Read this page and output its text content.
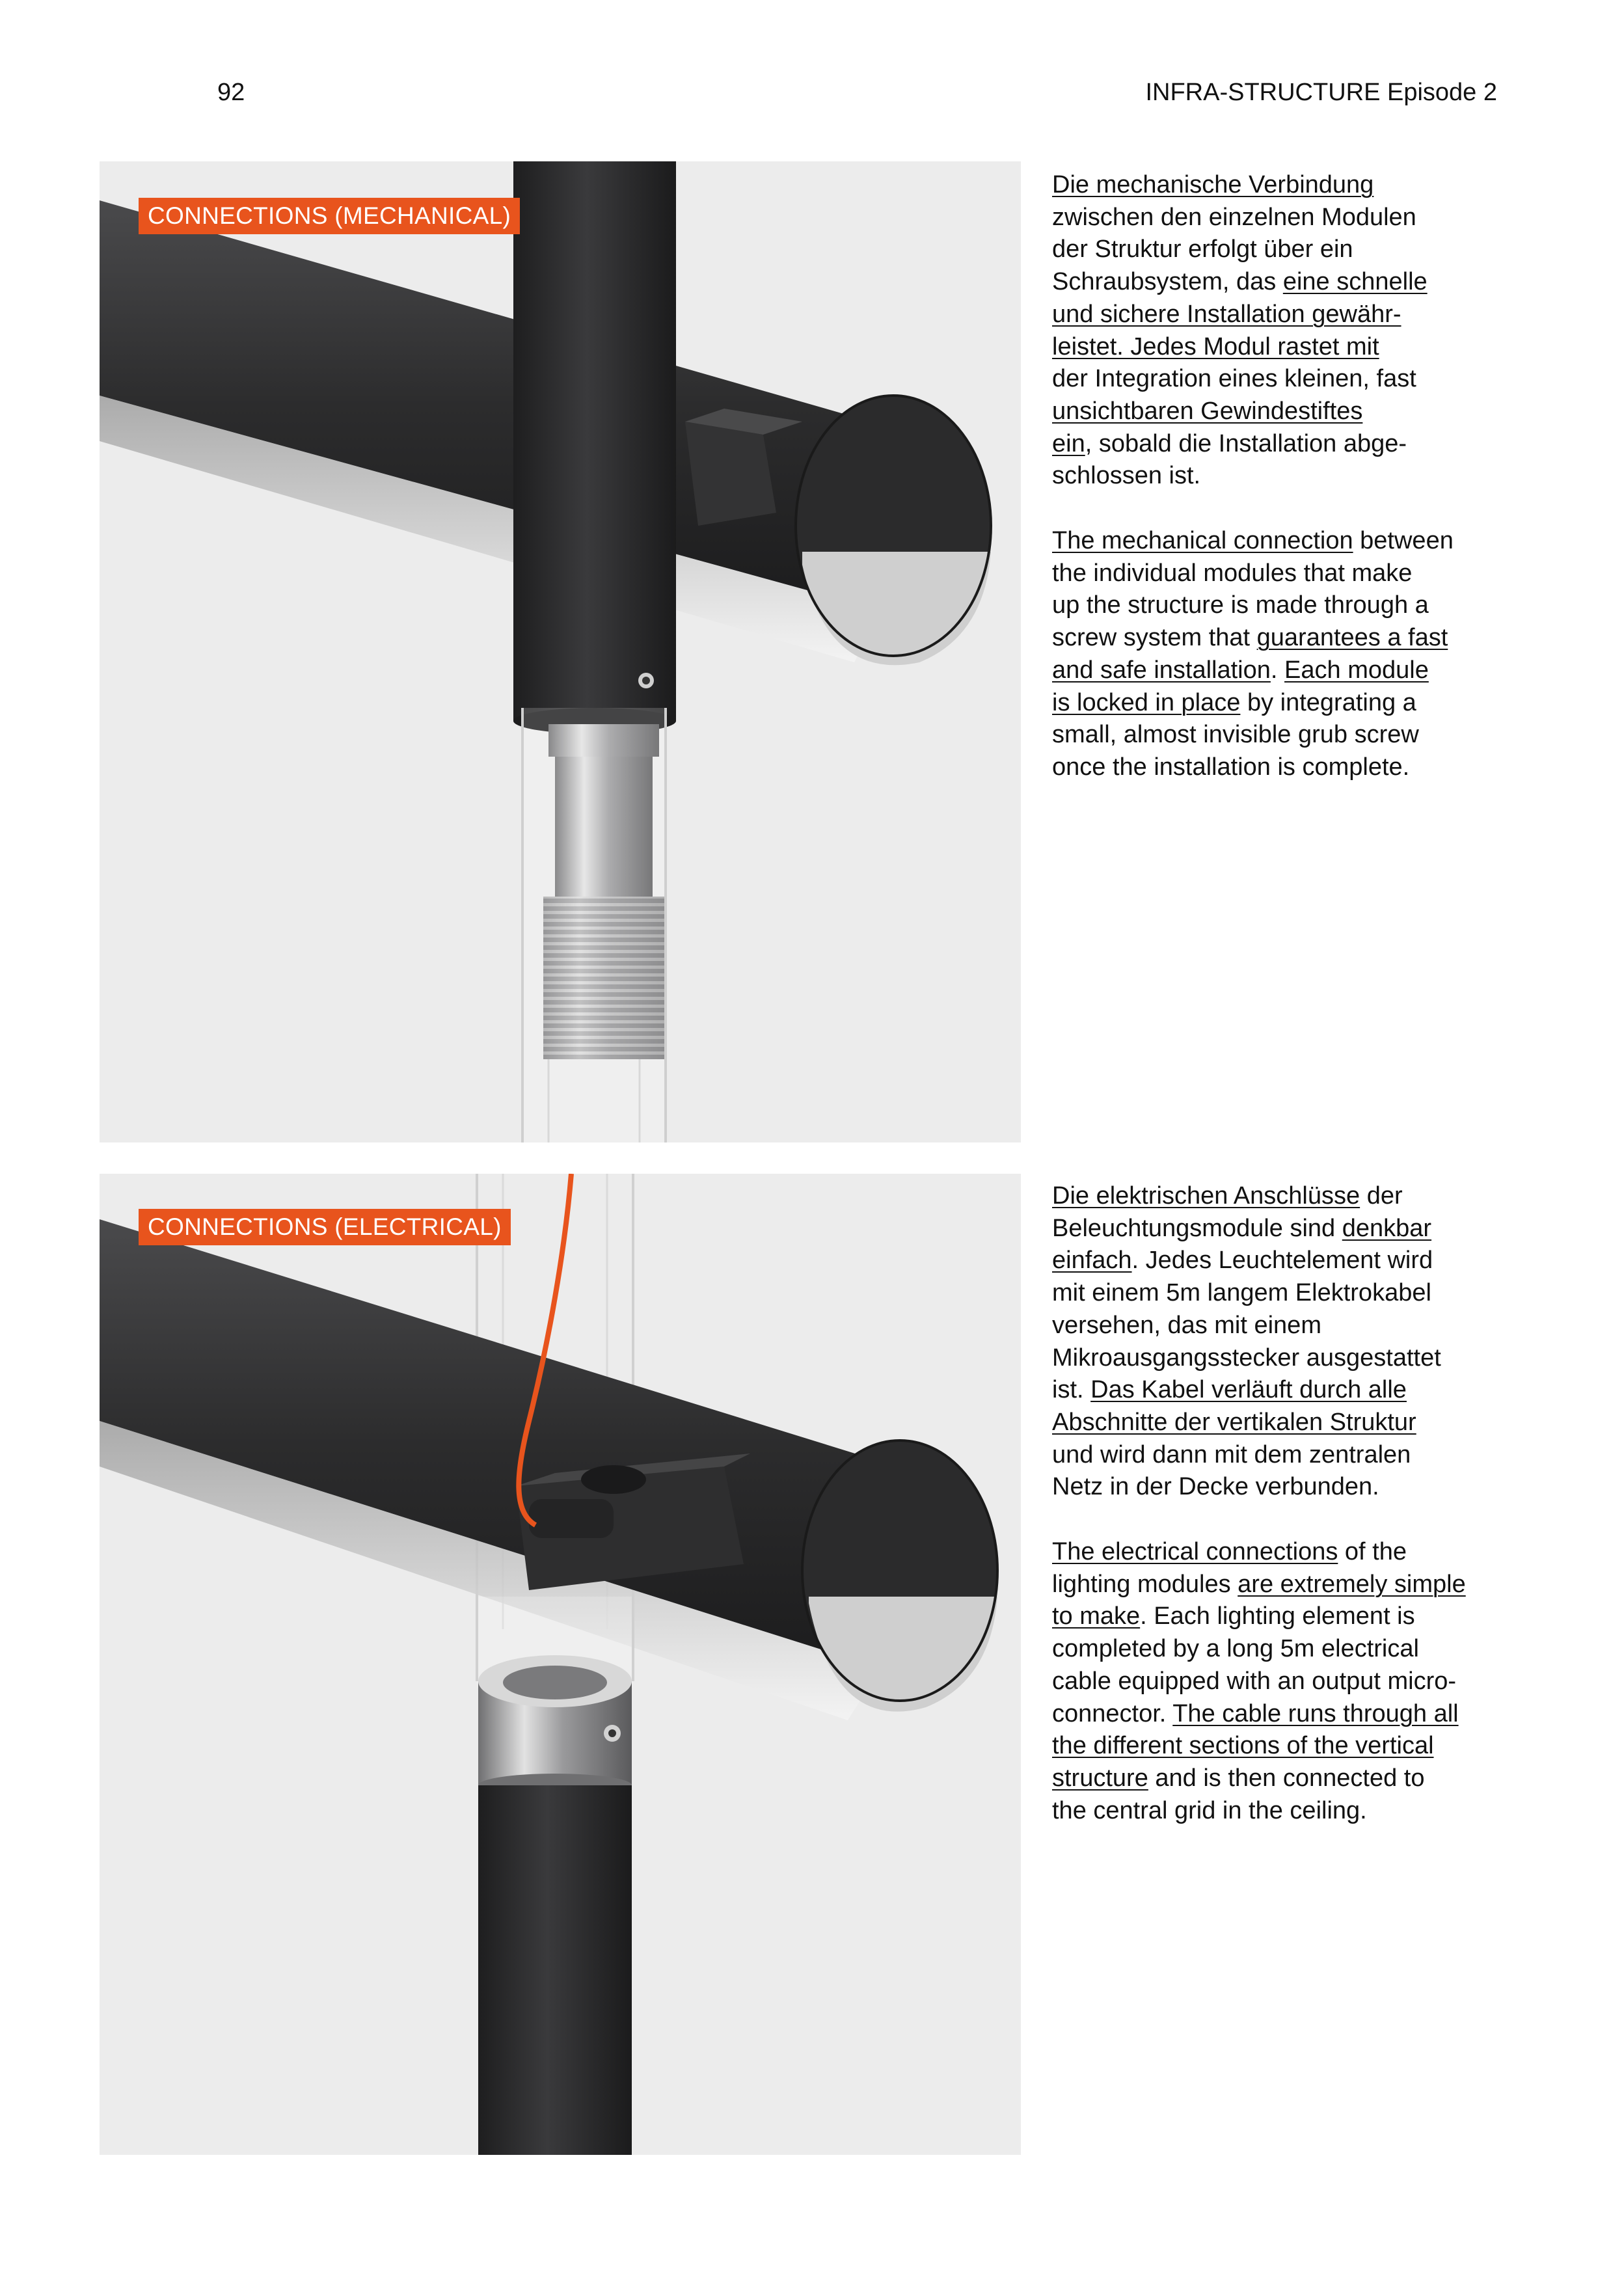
92	INFRA-STRUCTURE Episode 2
CONNECTIONS (MECHANICAL)
CONNECTIONS (ELECTRICAL)

Die mechanische Verbindung
zwischen den einzelnen Modulen
der Struktur erfolgt über ein
Schraubsystem, das eine schnelle
und sichere Installation gewähr-
leistet. Jedes Modul rastet mit
der Integration eines kleinen, fast
unsichtbaren Gewindestiftes
ein, sobald die Installation abge-
schlossen ist.

The mechanical connection between
the individual modules that make
up the structure is made through a
screw system that guarantees a fast
and safe installation. Each module
is locked in place by integrating a
small, almost invisible grub screw
once the installation is complete.

Die elektrischen Anschlüsse der
Beleuchtungsmodule sind denkbar
einfach. Jedes Leuchtelement wird
mit einem 5m langem Elektrokabel
versehen, das mit einem
Mikroausgangsstecker ausgestattet
ist. Das Kabel verläuft durch alle
Abschnitte der vertikalen Struktur
und wird dann mit dem zentralen
Netz in der Decke verbunden.

The electrical connections of the
lighting modules are extremely simple
to make. Each lighting element is
completed by a long 5m electrical
cable equipped with an output micro-
connector. The cable runs through all
the different sections of the vertical
structure and is then connected to
the central grid in the ceiling.
